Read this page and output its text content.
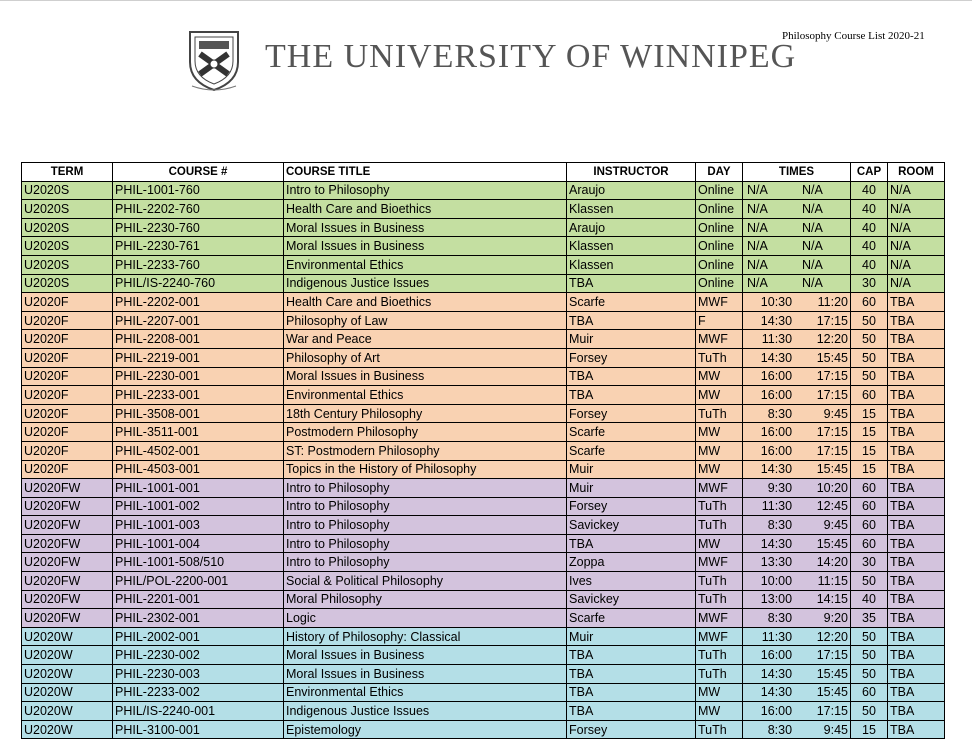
THE UNIVERSITY OF WINNIPEG
Philosophy Course List 2020-21
TERM	COURSE #	COURSE TITLE	INSTRUCTOR	DAY	TIMES	CAP	ROOM
U2020S	PHIL-1001-760	Intro to Philosophy	Araujo	Online	N/A N/A	40	N/A
U2020S	PHIL-2202-760	Health Care and Bioethics	Klassen	Online	N/A N/A	40	N/A
U2020S	PHIL-2230-760	Moral Issues in Business	Araujo	Online	N/A N/A	40	N/A
U2020S	PHIL-2230-761	Moral Issues in Business	Klassen	Online	N/A N/A	40	N/A
U2020S	PHIL-2233-760	Environmental Ethics	Klassen	Online	N/A N/A	40	N/A
U2020S	PHIL/IS-2240-760	Indigenous Justice Issues	TBA	Online	N/A N/A	30	N/A
U2020F	PHIL-2202-001	Health Care and Bioethics	Scarfe	MWF	10:30 11:20	60	TBA
U2020F	PHIL-2207-001	Philosophy of Law	TBA	F	14:30 17:15	50	TBA
U2020F	PHIL-2208-001	War and Peace	Muir	MWF	11:30 12:20	50	TBA
U2020F	PHIL-2219-001	Philosophy of Art	Forsey	TuTh	14:30 15:45	50	TBA
U2020F	PHIL-2230-001	Moral Issues in Business	TBA	MW	16:00 17:15	50	TBA
U2020F	PHIL-2233-001	Environmental Ethics	TBA	MW	16:00 17:15	60	TBA
U2020F	PHIL-3508-001	18th Century Philosophy	Forsey	TuTh	8:30 9:45	15	TBA
U2020F	PHIL-3511-001	Postmodern Philosophy	Scarfe	MW	16:00 17:15	15	TBA
U2020F	PHIL-4502-001	ST: Postmodern Philosophy	Scarfe	MW	16:00 17:15	15	TBA
U2020F	PHIL-4503-001	Topics in the History of Philosophy	Muir	MW	14:30 15:45	15	TBA
U2020FW	PHIL-1001-001	Intro to Philosophy	Muir	MWF	9:30 10:20	60	TBA
U2020FW	PHIL-1001-002	Intro to Philosophy	Forsey	TuTh	11:30 12:45	60	TBA
U2020FW	PHIL-1001-003	Intro to Philosophy	Savickey	TuTh	8:30 9:45	60	TBA
U2020FW	PHIL-1001-004	Intro to Philosophy	TBA	MW	14:30 15:45	60	TBA
U2020FW	PHIL-1001-508/510	Intro to Philosophy	Zoppa	MWF	13:30 14:20	30	TBA
U2020FW	PHIL/POL-2200-001	Social & Political Philosophy	Ives	TuTh	10:00 11:15	50	TBA
U2020FW	PHIL-2201-001	Moral Philosophy	Savickey	TuTh	13:00 14:15	40	TBA
U2020FW	PHIL-2302-001	Logic	Scarfe	MWF	8:30 9:20	35	TBA
U2020W	PHIL-2002-001	History of Philosophy: Classical	Muir	MWF	11:30 12:20	50	TBA
U2020W	PHIL-2230-002	Moral Issues in Business	TBA	TuTh	16:00 17:15	50	TBA
U2020W	PHIL-2230-003	Moral Issues in Business	TBA	TuTh	14:30 15:45	50	TBA
U2020W	PHIL-2233-002	Environmental Ethics	TBA	MW	14:30 15:45	60	TBA
U2020W	PHIL/IS-2240-001	Indigenous Justice Issues	TBA	MW	16:00 17:15	50	TBA
U2020W	PHIL-3100-001	Epistemology	Forsey	TuTh	8:30 9:45	15	TBA
